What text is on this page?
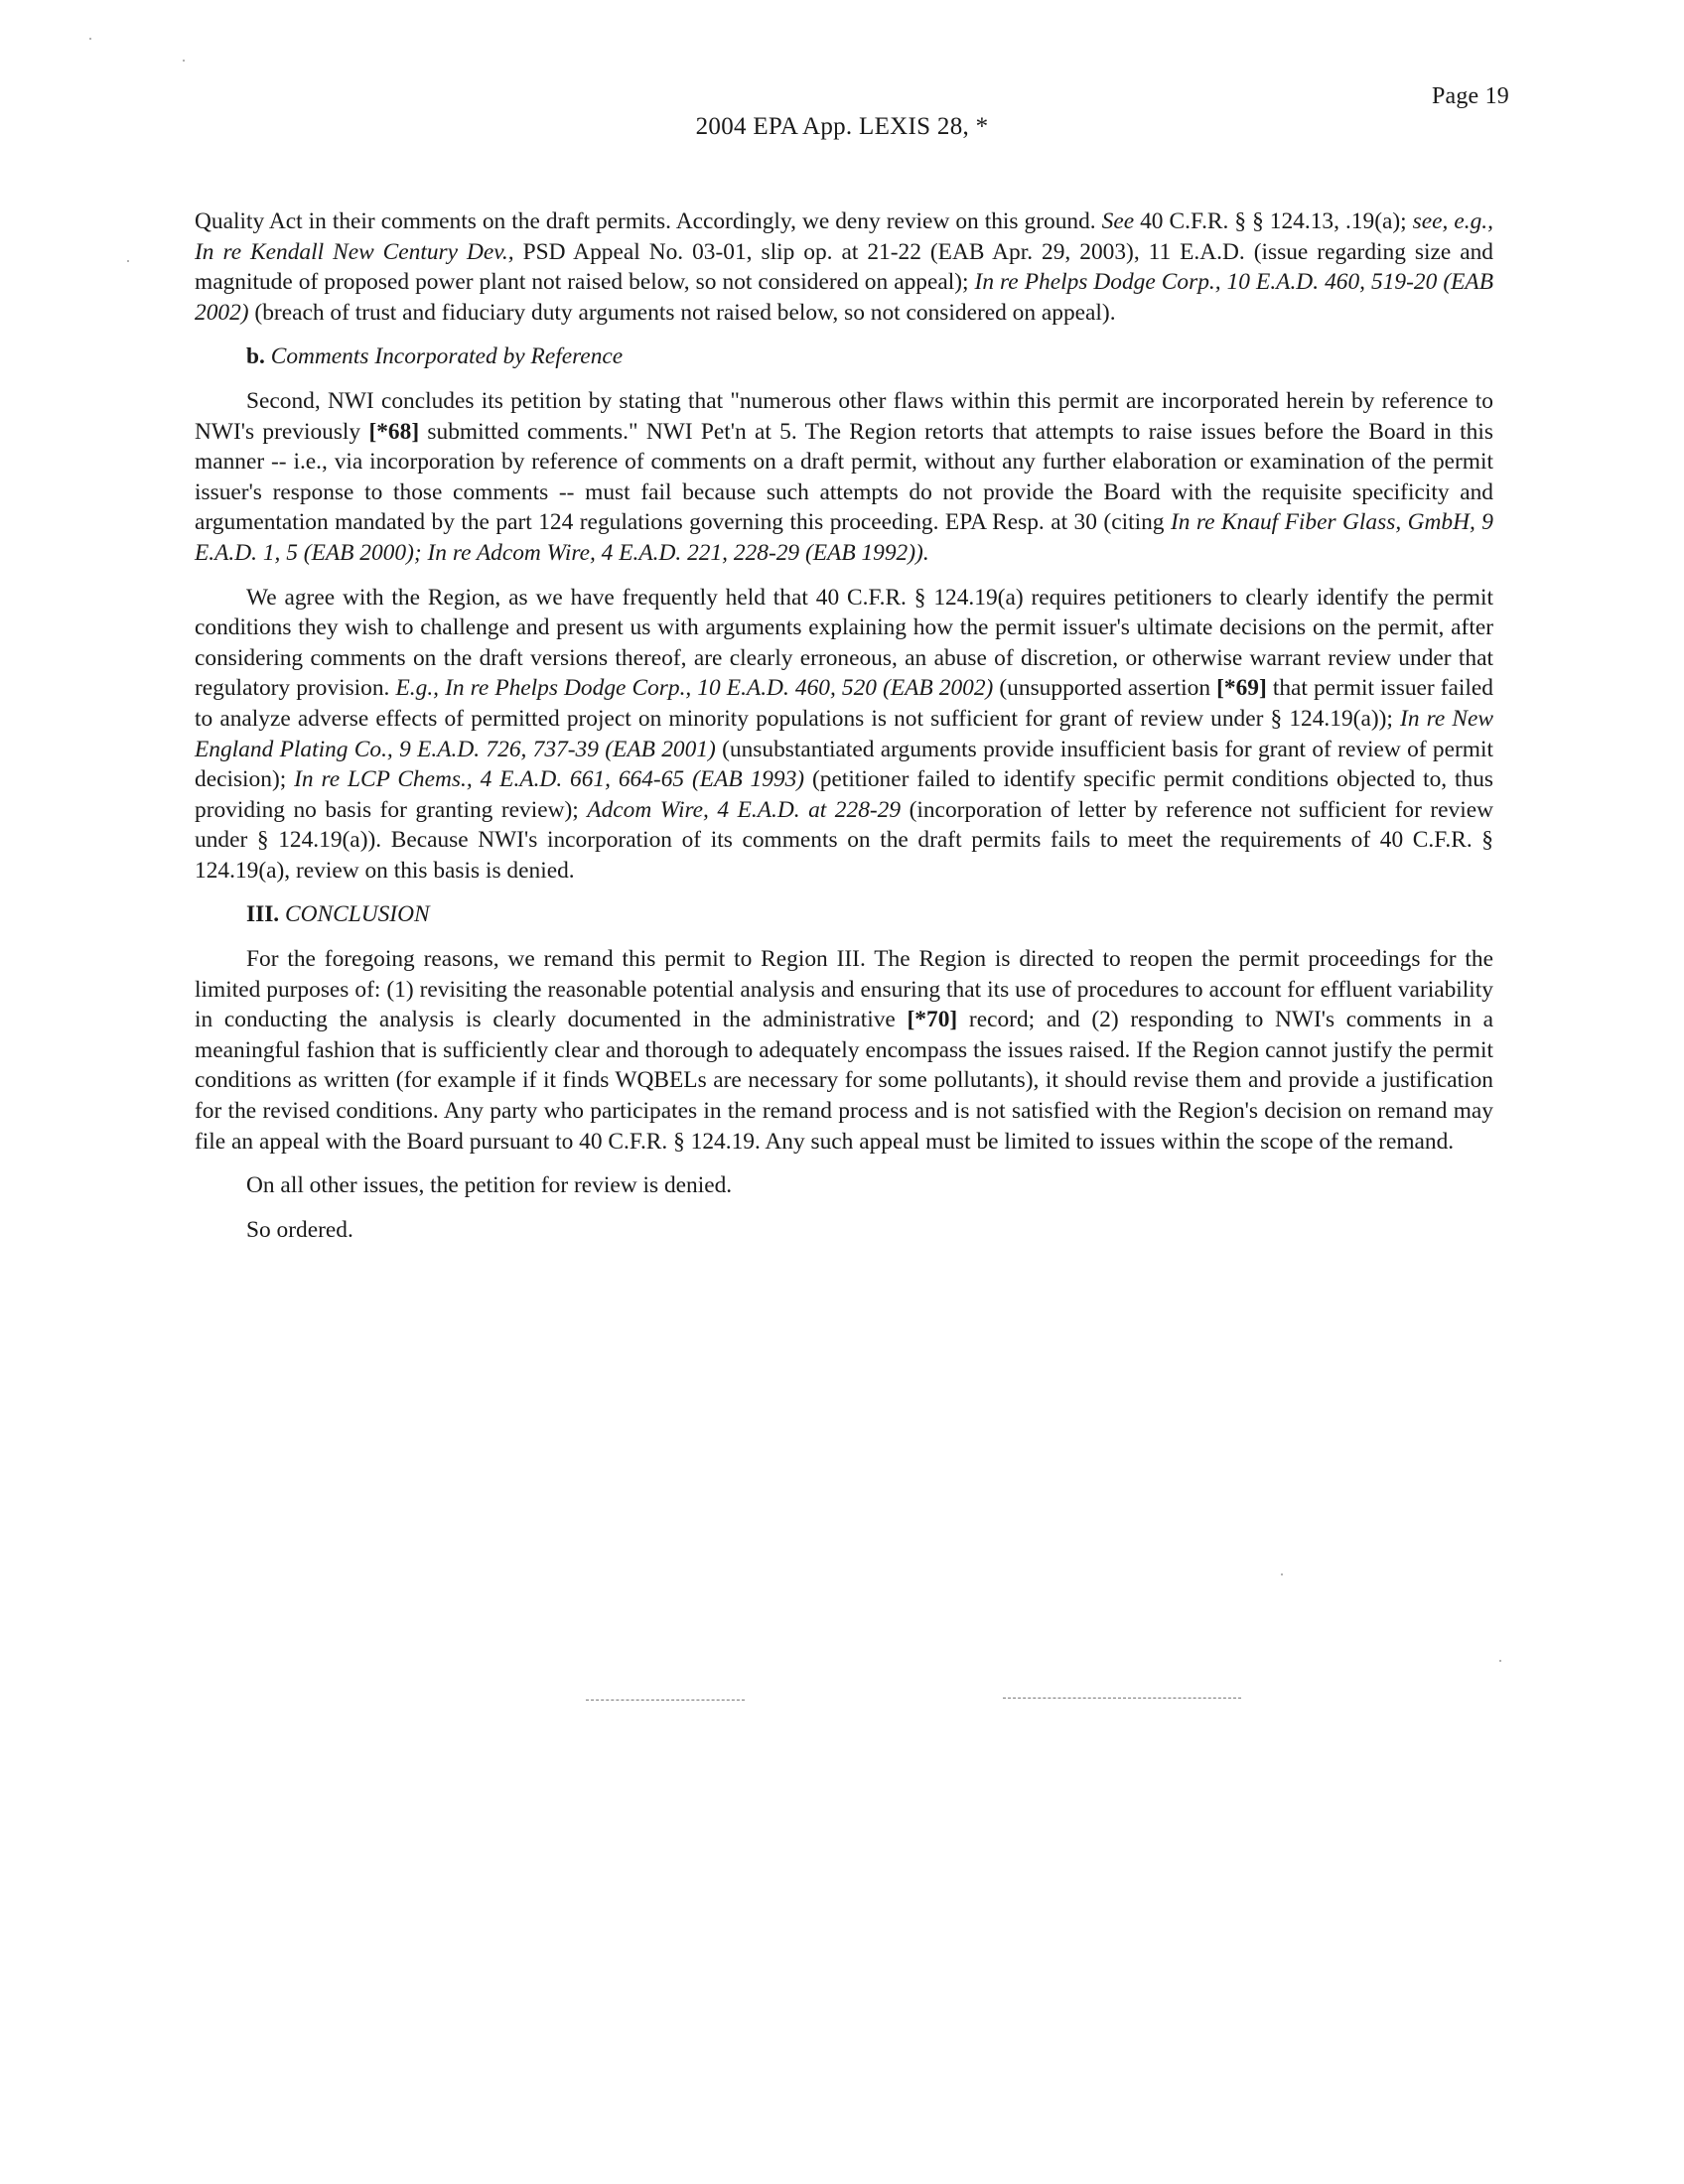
Page 19
2004 EPA App. LEXIS 28, *

Quality Act in their comments on the draft permits. Accordingly, we deny review on this ground. See 40 C.F.R. § § 124.13, .19(a); see, e.g., In re Kendall New Century Dev., PSD Appeal No. 03-01, slip op. at 21-22 (EAB Apr. 29, 2003), 11 E.A.D. (issue regarding size and magnitude of proposed power plant not raised below, so not considered on appeal); In re Phelps Dodge Corp., 10 E.A.D. 460, 519-20 (EAB 2002) (breach of trust and fiduciary duty arguments not raised below, so not considered on appeal).

b. Comments Incorporated by Reference

Second, NWI concludes its petition by stating that "numerous other flaws within this permit are incorporated herein by reference to NWI's previously [*68] submitted comments." NWI Pet'n at 5. The Region retorts that attempts to raise issues before the Board in this manner -- i.e., via incorporation by reference of comments on a draft permit, without any further elaboration or examination of the permit issuer's response to those comments -- must fail because such attempts do not provide the Board with the requisite specificity and argumentation mandated by the part 124 regulations governing this proceeding. EPA Resp. at 30 (citing In re Knauf Fiber Glass, GmbH, 9 E.A.D. 1, 5 (EAB 2000); In re Adcom Wire, 4 E.A.D. 221, 228-29 (EAB 1992)).

We agree with the Region, as we have frequently held that 40 C.F.R. § 124.19(a) requires petitioners to clearly identify the permit conditions they wish to challenge and present us with arguments explaining how the permit issuer's ultimate decisions on the permit, after considering comments on the draft versions thereof, are clearly erroneous, an abuse of discretion, or otherwise warrant review under that regulatory provision. E.g., In re Phelps Dodge Corp., 10 E.A.D. 460, 520 (EAB 2002) (unsupported assertion [*69] that permit issuer failed to analyze adverse effects of permitted project on minority populations is not sufficient for grant of review under § 124.19(a)); In re New England Plating Co., 9 E.A.D. 726, 737-39 (EAB 2001) (unsubstantiated arguments provide insufficient basis for grant of review of permit decision); In re LCP Chems., 4 E.A.D. 661, 664-65 (EAB 1993) (petitioner failed to identify specific permit conditions objected to, thus providing no basis for granting review); Adcom Wire, 4 E.A.D. at 228-29 (incorporation of letter by reference not sufficient for review under § 124.19(a)). Because NWI's incorporation of its comments on the draft permits fails to meet the requirements of 40 C.F.R. § 124.19(a), review on this basis is denied.

III. CONCLUSION

For the foregoing reasons, we remand this permit to Region III. The Region is directed to reopen the permit proceedings for the limited purposes of: (1) revisiting the reasonable potential analysis and ensuring that its use of procedures to account for effluent variability in conducting the analysis is clearly documented in the administrative [*70] record; and (2) responding to NWI's comments in a meaningful fashion that is sufficiently clear and thorough to adequately encompass the issues raised. If the Region cannot justify the permit conditions as written (for example if it finds WQBELs are necessary for some pollutants), it should revise them and provide a justification for the revised conditions. Any party who participates in the remand process and is not satisfied with the Region's decision on remand may file an appeal with the Board pursuant to 40 C.F.R. § 124.19. Any such appeal must be limited to issues within the scope of the remand.

On all other issues, the petition for review is denied.

So ordered.
